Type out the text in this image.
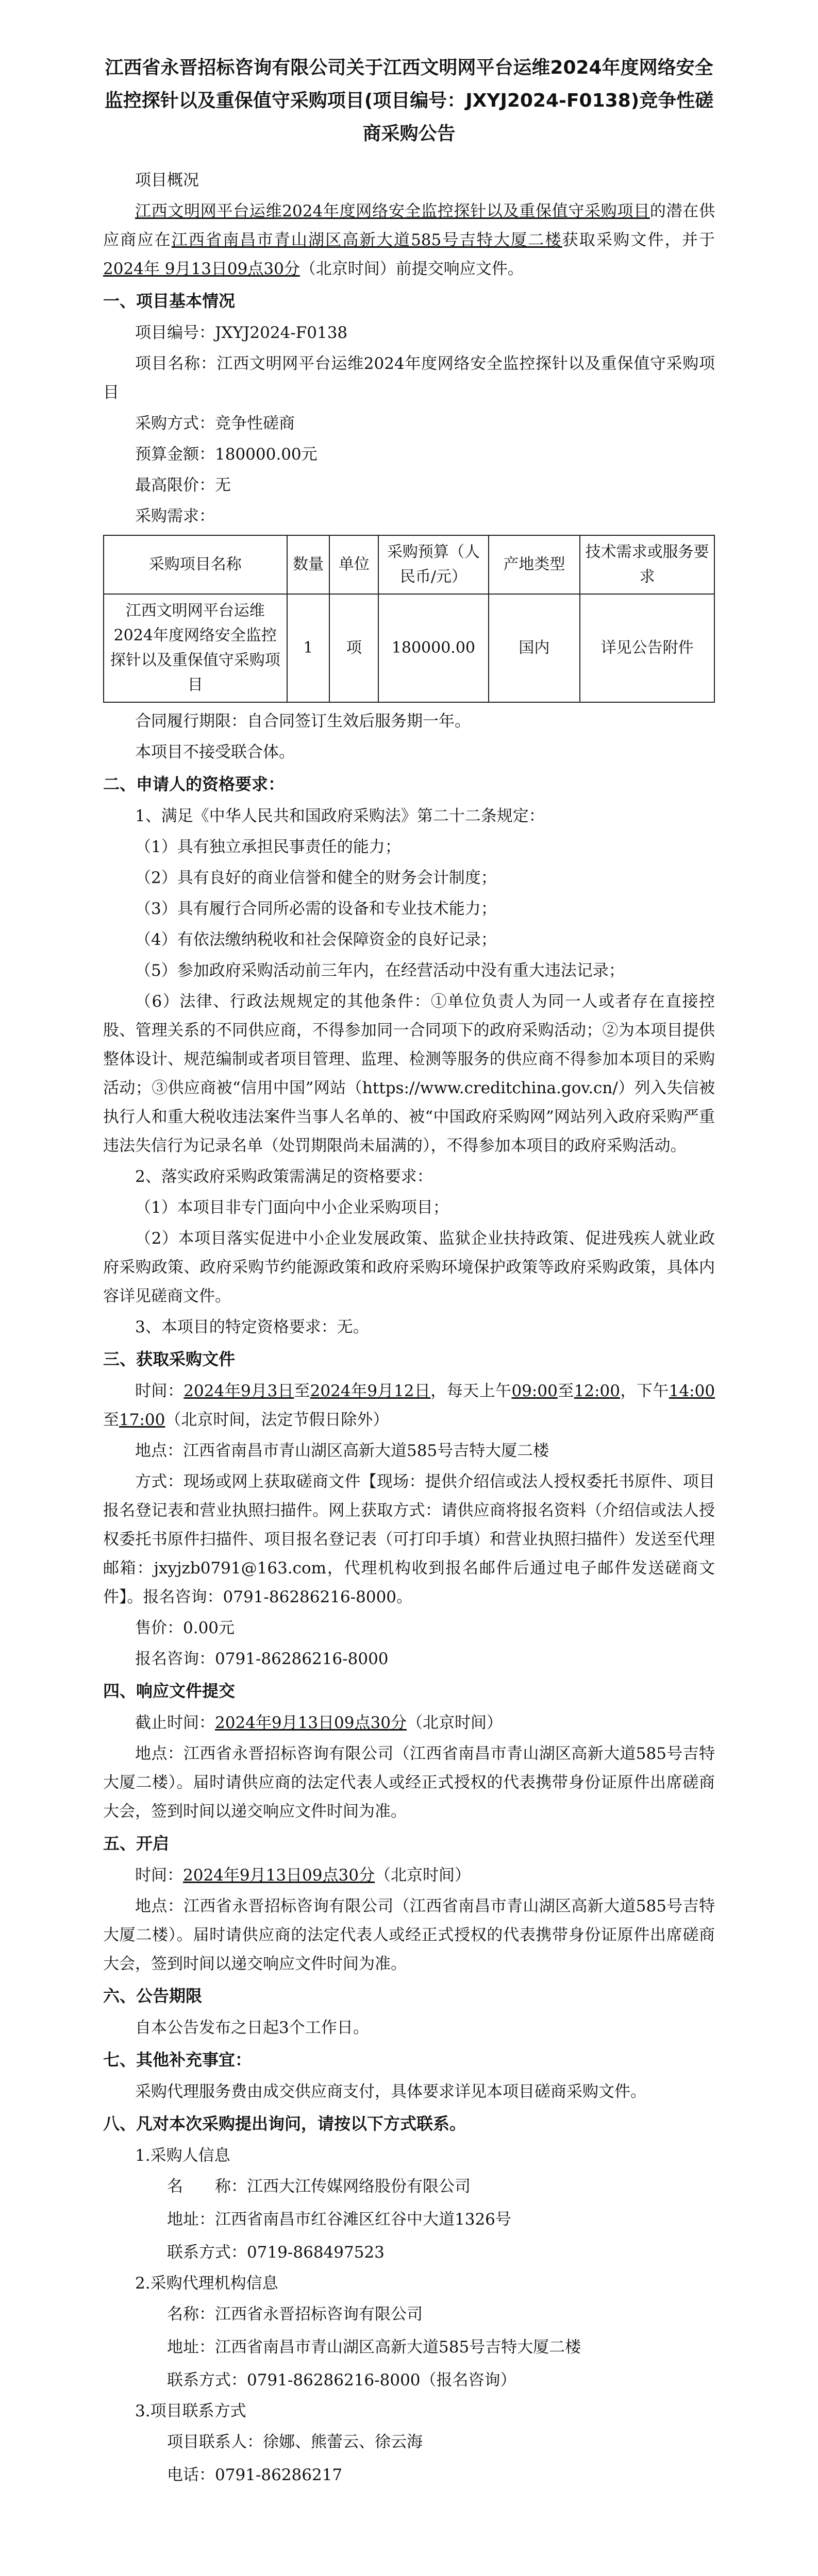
江西省永晋招标咨询有限公司关于江西文明网平台运维2024年度网络安全监控探针以及重保值守采购项目(项目编号：JXYJ2024-F0138)竞争性磋商采购公告

项目概况

江西文明网平台运维2024年度网络安全监控探针以及重保值守采购项目的潜在供应商应在江西省南昌市青山湖区高新大道585号吉特大厦二楼获取采购文件，并于2024年 9月13日09点30分（北京时间）前提交响应文件。

一、项目基本情况

项目编号：JXYJ2024-F0138

项目名称：江西文明网平台运维2024年度网络安全监控探针以及重保值守采购项目

采购方式：竞争性磋商

预算金额：180000.00元

最高限价：无

采购需求：

采购项目名称	数量	单位	采购预算（人民币/元）	产地类型	技术需求或服务要求
江西文明网平台运维2024年度网络安全监控探针以及重保值守采购项目	1	项	180000.00	国内	详见公告附件

合同履行期限：自合同签订生效后服务期一年。

本项目不接受联合体。

二、申请人的资格要求：

1、满足《中华人民共和国政府采购法》第二十二条规定：

（1）具有独立承担民事责任的能力；

（2）具有良好的商业信誉和健全的财务会计制度；

（3）具有履行合同所必需的设备和专业技术能力；

（4）有依法缴纳税收和社会保障资金的良好记录；

（5）参加政府采购活动前三年内，在经营活动中没有重大违法记录；

（6）法律、行政法规规定的其他条件：①单位负责人为同一人或者存在直接控股、管理关系的不同供应商，不得参加同一合同项下的政府采购活动；②为本项目提供整体设计、规范编制或者项目管理、监理、检测等服务的供应商不得参加本项目的采购活动；③供应商被“信用中国”网站（https://www.creditchina.gov.cn/）列入失信被执行人和重大税收违法案件当事人名单的、被“中国政府采购网”网站列入政府采购严重违法失信行为记录名单（处罚期限尚未届满的），不得参加本项目的政府采购活动。

2、落实政府采购政策需满足的资格要求：

（1）本项目非专门面向中小企业采购项目；

（2）本项目落实促进中小企业发展政策、监狱企业扶持政策、促进残疾人就业政府采购政策、政府采购节约能源政策和政府采购环境保护政策等政府采购政策，具体内容详见磋商文件。

3、本项目的特定资格要求：无。

三、获取采购文件

时间：2024年9月3日至2024年9月12日，每天上午09:00至12:00，下午14:00至17:00（北京时间，法定节假日除外）

地点：江西省南昌市青山湖区高新大道585号吉特大厦二楼

方式：现场或网上获取磋商文件【现场：提供介绍信或法人授权委托书原件、项目报名登记表和营业执照扫描件。网上获取方式：请供应商将报名资料（介绍信或法人授权委托书原件扫描件、项目报名登记表（可打印手填）和营业执照扫描件）发送至代理邮箱：jxyjzb0791@163.com，代理机构收到报名邮件后通过电子邮件发送磋商文件】。报名咨询：0791-86286216-8000。

售价：0.00元

报名咨询：0791-86286216-8000

四、响应文件提交

截止时间：2024年9月13日09点30分（北京时间）

地点：江西省永晋招标咨询有限公司（江西省南昌市青山湖区高新大道585号吉特大厦二楼）。届时请供应商的法定代表人或经正式授权的代表携带身份证原件出席磋商大会，签到时间以递交响应文件时间为准。

五、开启

时间：2024年9月13日09点30分（北京时间）

地点：江西省永晋招标咨询有限公司（江西省南昌市青山湖区高新大道585号吉特大厦二楼）。届时请供应商的法定代表人或经正式授权的代表携带身份证原件出席磋商大会，签到时间以递交响应文件时间为准。

六、公告期限

自本公告发布之日起3个工作日。

七、其他补充事宜：

采购代理服务费由成交供应商支付，具体要求详见本项目磋商采购文件。

八、凡对本次采购提出询问，请按以下方式联系。
1.采购人信息
名　　称：江西大江传媒网络股份有限公司
地址：江西省南昌市红谷滩区红谷中大道1326号
联系方式：0719-868497523
2.采购代理机构信息
名称：江西省永晋招标咨询有限公司
地址：江西省南昌市青山湖区高新大道585号吉特大厦二楼
联系方式：0791-86286216-8000（报名咨询）
3.项目联系方式
项目联系人：徐娜、熊蕾云、徐云海
电话：0791-86286217
